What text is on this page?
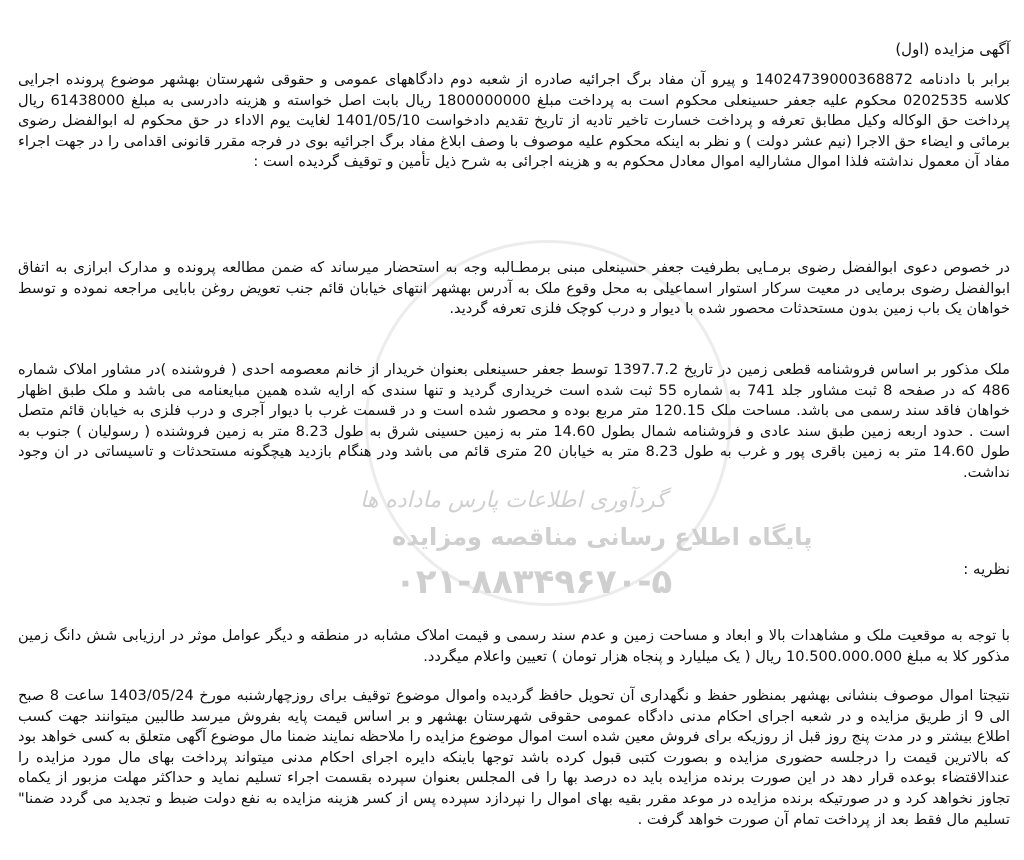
گردآوری اطلاعات پارس ماداده ها
پایگاه اطلاع رسانی مناقصه ومزایده
۰۲۱-۸۸۳۴۹۶۷۰-۵
آگهی مزایده (اول)
برابر با دادنامه 14024739000368872 و پیرو آن مفاد برگ اجرائیه صادره از شعبه دوم دادگاههای عمومی و حقوقی شهرستان بهشهر موضوع پرونده اجرایی کلاسه 0202535 محکوم علیه جعفر حسینعلی محکوم است به پرداخت مبلغ 1800000000 ریال بابت اصل خواسته و هزینه دادرسی به مبلغ 61438000 ریال پرداخت حق الوکاله وکیل مطابق تعرفه و پرداخت خسارت تاخیر تادیه از تاریخ تقدیم دادخواست 1401/05/10 لغایت یوم الاداء در حق محکوم له ابوالفضل رضوی برمائی و ایضاء حق الاجرا (نیم عشر دولت ) و نظر به اینکه محکوم علیه موصوف با وصف ابلاغ مفاد برگ اجرائیه بوی در فرجه مقرر قانونی اقدامی را در جهت اجراء مفاد آن معمول نداشته فلذا اموال مشارالیه اموال معادل محکوم به و هزینه اجرائی به شرح ذیل تأمین و توقیف گردیده است :
در خصوص دعوی ابوالفضل رضوی برمـایی بطرفیت جعفر حسینعلی مبنی برمطـالبه وجه به استحضار میرساند که ضمن مطالعه پرونده و مدارک ابرازی به اتفاق ابوالفضل رضوی برمایی در معیت سرکار استوار اسماعیلی به محل وقوع ملک به آدرس بهشهر انتهای خیابان قائم جنب تعویض روغن بابایی مراجعه نموده و توسط خواهان یک باب زمین بدون مستحدثات محصور شده با دیوار و درب کوچک فلزی تعرفه گردید.
ملک مذکور بر اساس فروشنامه قطعی زمین در تاریخ 1397.7.2 توسط جعفر حسینعلی بعنوان خریدار از خانم معصومه احدی ( فروشنده )در مشاور املاک شماره 486 که در صفحه 8 ثبت مشاور جلد 741 به شماره 55 ثبت شده است خریداری گردید و تنها سندی که ارایه شده همین مبایعنامه می باشد و ملک طبق اظهار خواهان فاقد سند رسمی می باشد. مساحت ملک 120.15 متر مربع بوده و محصور شده است و در قسمت غرب با دیوار آجری و درب فلزی به خیابان قائم متصل است . حدود اربعه زمین طبق سند عادی و فروشنامه شمال بطول 14.60 متر به زمین حسینی شرق به طول 8.23 متر به زمین فروشنده ( رسولیان ) جنوب به طول 14.60 متر به زمین باقری پور و غرب به طول 8.23 متر به خیابان 20 متری قائم می باشد ودر هنگام بازدید هیچگونه مستحدثات و تاسیساتی در ان وجود نداشت.
نظریه :
با توجه به موقعیت ملک و مشاهدات بالا و ابعاد و مساحت زمین و عدم سند رسمی و قیمت املاک مشابه در منطقه و دیگر عوامل موثر در ارزیابی شش دانگ زمین مذکور کلا به مبلغ 10.500.000.000 ریال ( یک میلیارد و پنجاه هزار تومان ) تعیین واعلام میگردد.
نتیجتا اموال موصوف بنشانی بهشهر بمنظور حفظ و نگهداری آن تحویل حافظ گردیده واموال موضوع توقیف برای روزچهارشنبه مورخ 1403/05/24 ساعت 8 صبح الی 9 از طریق مزایده و در شعبه اجرای احکام مدنی دادگاه عمومی حقوقی شهرستان بهشهر و بر اساس قیمت پایه بفروش میرسد طالبین میتوانند جهت کسب اطلاع بیشتر و در مدت پنج روز قبل از روزیکه برای فروش معین شده است اموال موضوع مزایده را ملاحظه نمایند ضمنا مال موضوع آگهی متعلق به کسی خواهد بود که بالاترین قیمت را درجلسه حضوری مزایده و بصورت کتبی قبول کرده باشد توجها باینکه دایره اجرای احکام مدنی میتواند پرداخت بهای مال مورد مزایده را عندالاقتضاء بوعده قرار دهد در این صورت برنده مزایده باید ده درصد بها را فی المجلس بعنوان سپرده بقسمت اجراء تسلیم نماید و حداکثر مهلت مزبور از یکماه تجاوز نخواهد کرد و در صورتیکه برنده مزایده در موعد مقرر بقیه بهای اموال را نپردازد سپرده پس از کسر هزینه مزایده به نفع دولت ضبط و تجدید می گردد ضمنا" تسلیم مال فقط بعد از پرداخت تمام آن صورت خواهد گرفت .
